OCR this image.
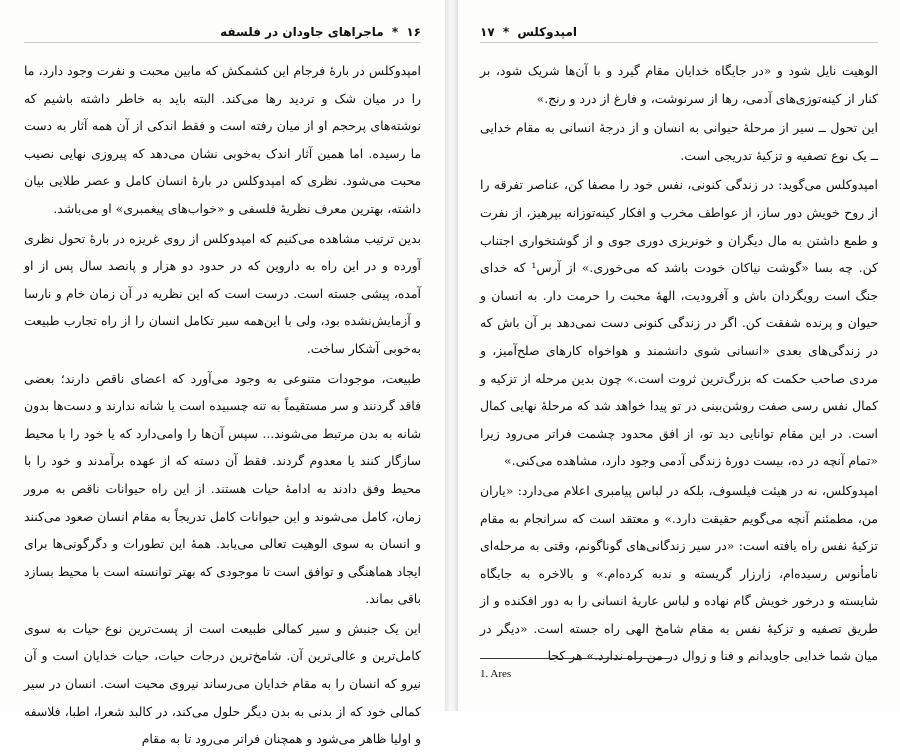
۱۶ * ماجراهای جاودان در فلسفه

امپدوکلس در بارهٔ فرجام این کشمکش که مابین محبت و نفرت وجود دارد، ما را در میان شک و تردید رها می‌کند. البته باید به خاطر داشته باشیم که نوشته‌های پرحجم او از میان رفته است و فقط اندکی از آن همه آثار به دست ما رسیده. اما همین آثار اندک به‌خوبی نشان می‌دهد که پیروزی نهایی نصیب محبت می‌شود. نظری که امپدوکلس در بارهٔ انسان کامل و عصر طلایی بیان داشته، بهترین معرف نظریهٔ فلسفی و «خواب‌های پیغمبری» او می‌باشد.

بدین ترتیب مشاهده می‌کنیم که امپدوکلس از روی غریزه در بارهٔ تحول نظری آورده و در این راه به داروین که در حدود دو هزار و پانصد سال پس از او آمده، پیشی جسته است. درست است که این نظریه در آن زمان خام و نارسا و آزمایش‌نشده بود، ولی با این‌همه سیر تکامل انسان را از راه تجارب طبیعت به‌خوبی آشکار ساخت.

طبیعت، موجودات متنوعی به وجود می‌آورد که اعضای ناقص دارند؛ بعضی فاقد گردنند و سر مستقیماً به تنه چسبیده است یا شانه ندارند و دست‌ها بدون شانه به بدن مرتبط می‌شوند... سپس آن‌ها را وامی‌دارد که یا خود را با محیط سازگار کنند یا معدوم گردند. فقط آن دسته که از عهده برآمدند و خود را با محیط وفق دادند به ادامهٔ حیات هستند. از این راه حیوانات ناقص به مرور زمان، کامل می‌شوند و این حیوانات کامل تدریجاً به مقام انسان صعود می‌کنند و انسان به سوی الوهیت تعالی می‌یابد. همهٔ این تطورات و دگرگونی‌ها برای ایجاد هماهنگی و توافق است تا موجودی که بهتر توانسته است با محیط بسازد باقی بماند.

این یک جنبش و سیر کمالی طبیعت است از پست‌ترین نوع حیات به سوی کامل‌ترین و عالی‌ترین آن. شامخ‌ترین درجات حیات، حیات خدایان است و آن نیرو که انسان را به مقام خدایان می‌رساند نیروی محبت است. انسان در سیر کمالی خود که از بدنی به بدن دیگر حلول می‌کند، در کالبد شعرا، اطبا، فلاسفه و اولیا ظاهر می‌شود و همچنان فراتر می‌رود تا به مقام

امپدوکلس * ۱۷

الوهیت نایل شود و «در جایگاه خدایان مقام گیرد و با آن‌ها شریک شود، بر کنار از کینه‌توزی‌های آدمی، رها از سرنوشت، و فارغ از درد و رنج.»

این تحول ــ سیر از مرحلهٔ حیوانی به انسان و از درجهٔ انسانی به مقام خدایی ــ یک نوع تصفیه و تزکیهٔ تدریجی است.

امپدوکلس می‌گوید: در زندگی کنونی، نفس خود را مصفا کن، عناصر تفرقه را از روح خویش دور ساز، از عواطف مخرب و افکار کینه‌توزانه بپرهیز، از نفرت و طمع داشتن به مال دیگران و خونریزی دوری جوی و از گوشتخواری اجتناب کن. چه بسا «گوشت نیاکان خودت باشد که می‌خوری.» از آرس¹ که خدای جنگ است رویگردان باش و آفرودیت، الههٔ محبت را حرمت دار. به انسان و حیوان و پرنده شفقت کن. اگر در زندگی کنونی دست نمی‌دهد بر آن باش که در زندگی‌های بعدی «انسانی شوی دانشمند و هواخواه کارهای صلح‌آمیز، و مردی صاحب حکمت که بزرگ‌ترین ثروت است.» چون بدین مرحله از تزکیه و کمال نفس رسی صفت روشن‌بینی در تو پیدا خواهد شد که مرحلهٔ نهایی کمال است. در این مقام توانایی دید تو، از افق محدود چشمت فراتر می‌رود زیرا «تمام آنچه در ده، بیست دورهٔ زندگی آدمی وجود دارد، مشاهده می‌کنی.»

امپدوکلس، نه در هیئت فیلسوف، بلکه در لباس پیامبری اعلام می‌دارد: «یاران من، مطمئنم آنچه می‌گویم حقیقت دارد.» و معتقد است که سرانجام به مقام تزکیهٔ نفس راه یافته است: «در سیر زندگانی‌های گوناگونم، وقتی به مرحله‌ای نامأنوس رسیده‌ام، زارزار گریسته و ندبه کرده‌ام.» و بالاخره به جایگاه شایسته و درخور خویش گام نهاده و لباس عاریهٔ انسانی را به دور افکنده و از طریق تصفیه و تزکیهٔ نفس به مقام شامخ الهی راه جسته است. «دیگر در میان شما خدایی جاویدانم و فنا و زوال در من راه ندارد.» هر کجا

1. Ares
